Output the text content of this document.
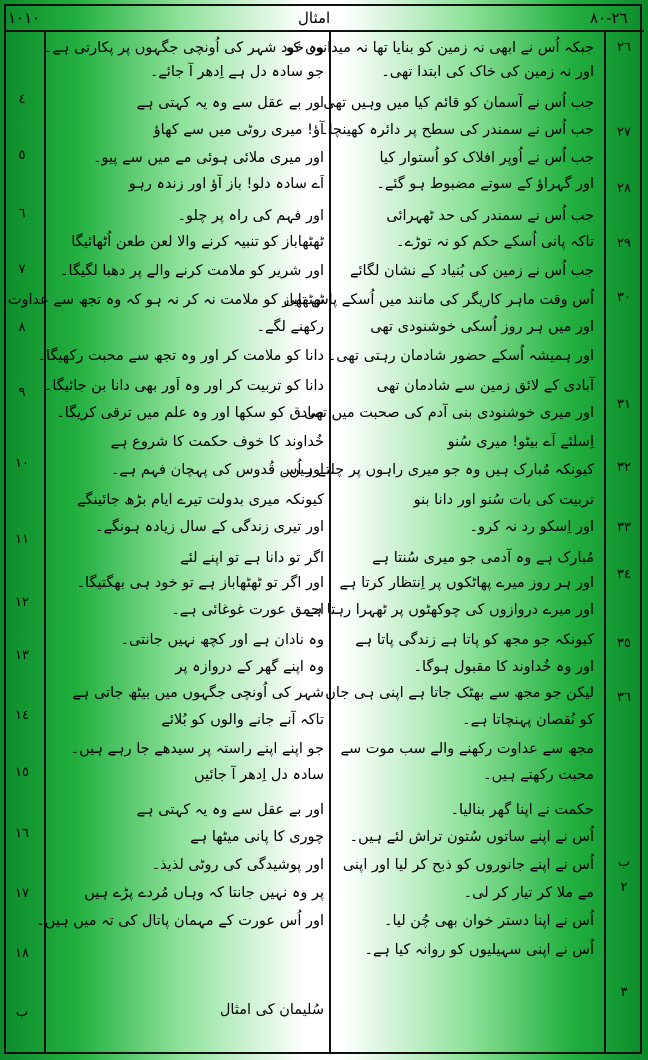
١٠١٠	امثال	٢٦-٨٠
جبکہ اُس نے ابھی نہ زمین کو بنایا تھا نہ میدانوں کو
اور نہ زمین کی خاک کی ابتدا تھی۔
جب اُس نے آسمان کو قائم کیا میں وہیں تھی۔
جب اُس نے سمندر کی سطح پر دائرہ کھینچا۔
جب اُس نے اُوپر افلاک کو اُستوار کیا
اور گہراؤ کے سوتے مضبوط ہو گئے۔
جب اُس نے سمندر کی حد ٹھہرائی
تاکہ پانی اُسکے حکم کو نہ توڑے۔
جب اُس نے زمین کی بُنیاد کے نشان لگائے
اُس وقت ماہر کاریگر کی مانند میں اُسکے پاس تھی
اور میں ہر روز اُسکی خوشنودی تھی
اور ہمیشہ اُسکے حضور شادمان رہتی تھی۔
آبادی کے لائق زمین سے شادمان تھی
اور میری خوشنودی بنی آدم کی صحبت میں تھی۔
اِسلئے اَے بیٹو! میری سُنو
کیونکہ مُبارک ہیں وہ جو میری راہوں پر چلتے ہیں۔
تربیت کی بات سُنو اور دانا بنو
اور اِسکو رد نہ کرو۔
مُبارک ہے وہ آدمی جو میری سُنتا ہے
اور ہر روز میرے پھاٹکوں پر اِنتظار کرتا ہے
اور میرے دروازوں کی چوکھٹوں پر ٹھہرا رہتا ہے۔
کیونکہ جو مجھ کو پاتا ہے زندگی پاتا ہے
اور وہ خُداوند کا مقبول ہوگا۔
لیکن جو مجھ سے بھٹک جاتا ہے اپنی ہی جان
کو نُقصان پہنچاتا ہے۔
مجھ سے عداوت رکھنے والے سب موت سے
محبت رکھتے ہیں۔
حکمت نے اپنا گھر بنالیا۔
اُس نے اپنے ساتوں سُتون تراش لئے ہیں۔
اُس نے اپنے جانوروں کو ذبح کر لیا اور اپنی
مے ملا کر تیار کر لی۔
اُس نے اپنا دستر خوان بھی چُن لیا۔
اُس نے اپنی سہیلیوں کو روانہ کیا ہے۔
وہ خود شہر کی اُونچی جگہوں پر پکارتی ہے۔
جو سادہ دل ہے اِدھر آ جائے۔
اور بے عقل سے وہ یہ کہتی ہے
آؤ! میری روٹی میں سے کھاؤ
اور میری ملائی ہوئی مے میں سے پیو۔
اَے سادہ دلو! باز آؤ اور زندہ رہو
اور فہم کی راہ پر چلو۔
ٹھٹھاباز کو تنبیہ کرنے والا لعن طعن اُٹھائیگا
اور شریر کو ملامت کرنے والے پر دھبا لگیگا۔
ٹھٹھاباز کو ملامت نہ کر نہ ہو کہ وہ تجھ سے عداوت
رکھنے لگے۔
دانا کو ملامت کر اور وہ تجھ سے محبت رکھیگا۔
دانا کو تربیت کر اور وہ اَور بھی دانا بن جائیگا۔
صادق کو سکھا اور وہ علم میں ترقی کریگا۔
خُداوند کا خوف حکمت کا شروع ہے
اور اُس قُدوس کی پہچان فہم ہے۔
کیونکہ میری بدولت تیرے ایام بڑھ جائینگے
اور تیری زندگی کے سال زیادہ ہونگے۔
اگر تو دانا ہے تو اپنے لئے
اور اگر تو ٹھٹھاباز ہے تو خود ہی بھگتیگا۔
احمق عورت غوغائی ہے۔
وہ نادان ہے اور کچھ نہیں جانتی۔
وہ اپنے گھر کے دروازہ پر
شہر کی اُونچی جگہوں میں بیٹھ جاتی ہے
تاکہ آنے جانے والوں کو بُلائے
جو اپنے اپنے راستہ پر سیدھے جا رہے ہیں۔
سادہ دل اِدھر آ جائیں
اور بے عقل سے وہ یہ کہتی ہے
چوری کا پانی میٹھا ہے
اور پوشیدگی کی روٹی لذیذ۔
پر وہ نہیں جانتا کہ وہاں مُردے پڑے ہیں
اور اُس عورت کے مہمان پاتال کی تہ میں ہیں۔
سُلیمان کی امثال
٢٦
٢٧
٢٨
٢٩
٣٠
٣١
٣٢
٣٣
٣٤
٣٥
٣٦
ب
٢
٣
٤
٥
٦
٧
٨
٩
١٠
١١
١٢
١٣
١٤
١٥
١٦
١٧
١٨
ب
